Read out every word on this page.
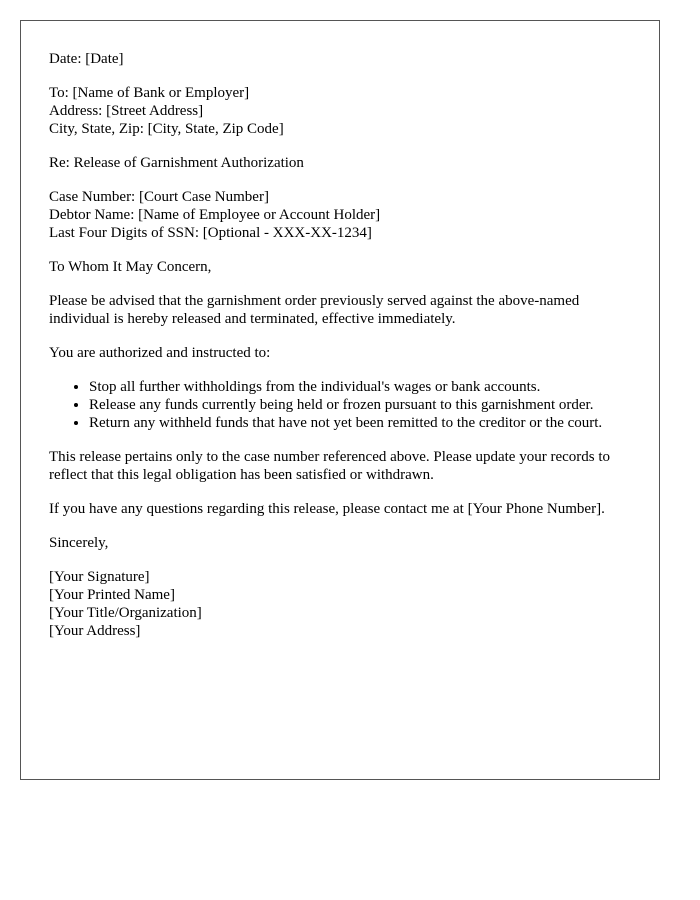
Date: [Date]
To: [Name of Bank or Employer]
Address: [Street Address]
City, State, Zip: [City, State, Zip Code]
Re: Release of Garnishment Authorization
Case Number: [Court Case Number]
Debtor Name: [Name of Employee or Account Holder]
Last Four Digits of SSN: [Optional - XXX-XX-1234]
To Whom It May Concern,

Please be advised that the garnishment order previously served against the above-named individual is hereby released and terminated, effective immediately.

You are authorized and instructed to:

• Stop all further withholdings from the individual's wages or bank accounts.
• Release any funds currently being held or frozen pursuant to this garnishment order.
• Return any withheld funds that have not yet been remitted to the creditor or the court.

This release pertains only to the case number referenced above. Please update your records to reflect that this legal obligation has been satisfied or withdrawn.

If you have any questions regarding this release, please contact me at [Your Phone Number].

Sincerely,
[Your Signature]
[Your Printed Name]
[Your Title/Organization]
[Your Address]
